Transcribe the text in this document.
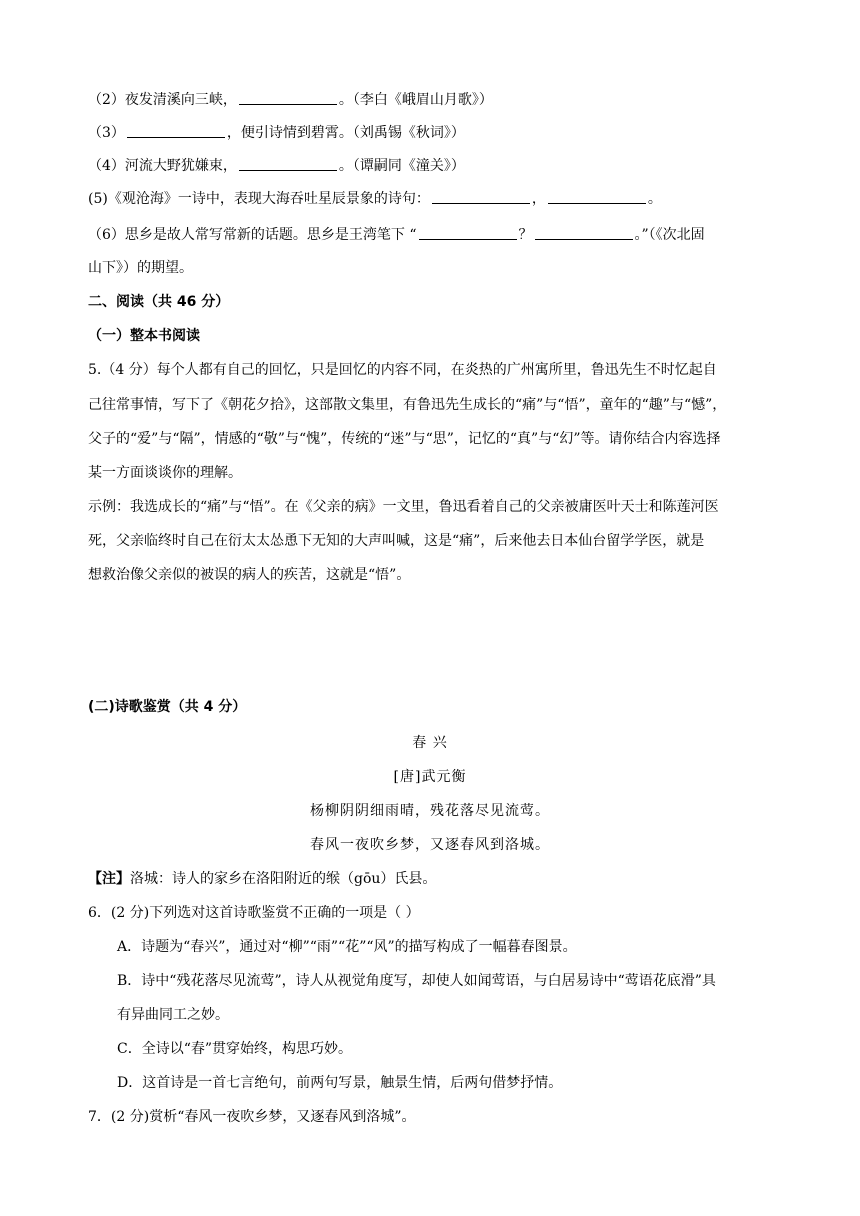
（2）夜发清溪向三峡，	。（李白《峨眉山月歌》）
（3）	，便引诗情到碧霄。（刘禹锡《秋词》）
（4）河流大野犹嫌束，	。（谭嗣同《潼关》）
(5)《观沧海》一诗中，表现大海吞吐星辰景象的诗句：	，	。
（6）思乡是故人常写常新的话题。思乡是王湾笔下 “	？	。”（《次北固
山下》）的期望。
二、阅读（共 46 分）
（一）整本书阅读
5.（4 分）每个人都有自己的回忆，只是回忆的内容不同，在炎热的广州寓所里，鲁迅先生不时忆起自
己往常事情，写下了《朝花夕拾》，这部散文集里，有鲁迅先生成长的“痛”与“悟”，童年的“趣”与“憾”，
父子的“爱”与“隔”，情感的“敬”与“愧”，传统的“迷”与“思”，记忆的“真”与“幻”等。请你结合内容选择
某一方面谈谈你的理解。
示例：我选成长的“痛”与“悟”。在《父亲的病》一文里，鲁迅看着自己的父亲被庸医叶天士和陈莲河医
死，父亲临终时自己在衍太太怂恿下无知的大声叫喊，这是“痛”，后来他去日本仙台留学学医，就是
想救治像父亲似的被误的病人的疾苦，这就是“悟”。
(二)诗歌鉴赏（共 4 分）
春 兴
[唐]武元衡
杨柳阴阴细雨晴，残花落尽见流莺。
春风一夜吹乡梦，又逐春风到洛城。
【注】洛城：诗人的家乡在洛阳附近的缑（gōu）氏县。
6．(2 分)下列选对这首诗歌鉴赏不正确的一项是（ ）
A．诗题为“春兴”，通过对“柳”“雨”“花”“风”的描写构成了一幅暮春图景。
B．诗中“残花落尽见流莺”，诗人从视觉角度写，却使人如闻莺语，与白居易诗中“莺语花底滑”具
有异曲同工之妙。
C．全诗以“春”贯穿始终，构思巧妙。
D．这首诗是一首七言绝句，前两句写景，触景生情，后两句借梦抒情。
7．(2 分)赏析“春风一夜吹乡梦，又逐春风到洛城”。
